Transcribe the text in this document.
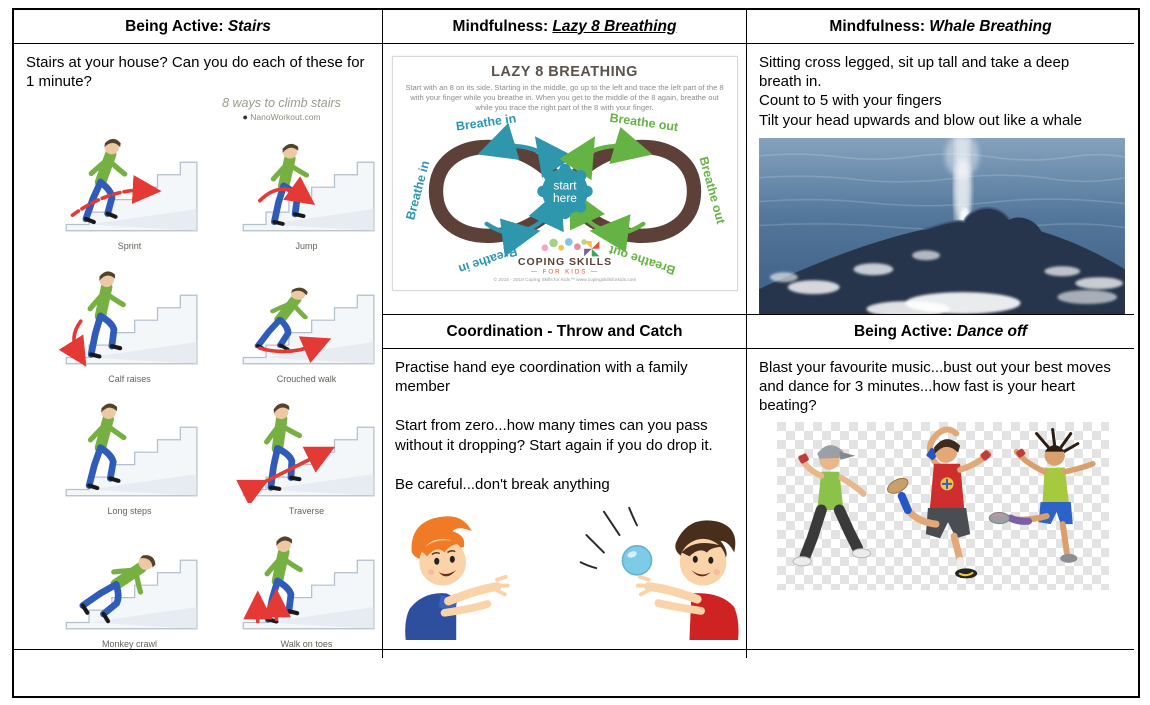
Being Active: Stairs
Stairs at your house? Can you do each of these for 1 minute?
8 ways to climb stairs
● NanoWorkout.com
Sprint	Jump
Calf raises	Crouched walk
Long steps	Traverse
Monkey crawl	Walk on toes
Mindfulness: Lazy 8 Breathing
LAZY 8 BREATHING
Start with an 8 on its side. Starting in the middle, go up to the left and trace the left part of the 8 with your finger while you breathe in. When you get to the middle of the 8 again, breathe out while you trace the right part of the 8 with your finger.
Breathe in
Breathe in
Breathe in
Breathe out
Breathe out
Breathe out
start
here
COPING SKILLS
— FOR KIDS —
© 2015 - 2018 Coping Skills for Kids™ www.copingskillsforkids.com
Coordination - Throw and Catch
Practise hand eye coordination with a family member
Start from zero...how many times can you pass without it dropping? Start again if you do drop it.
Be careful...don't break anything
Mindfulness: Whale Breathing
Sitting cross legged, sit up tall and take a deep breath in.
Count to 5 with your fingers
Tilt your head upwards and blow out like a whale
Being Active: Dance off
Blast your favourite music...bust out your best moves and dance for 3 minutes...how fast is your heart beating?
